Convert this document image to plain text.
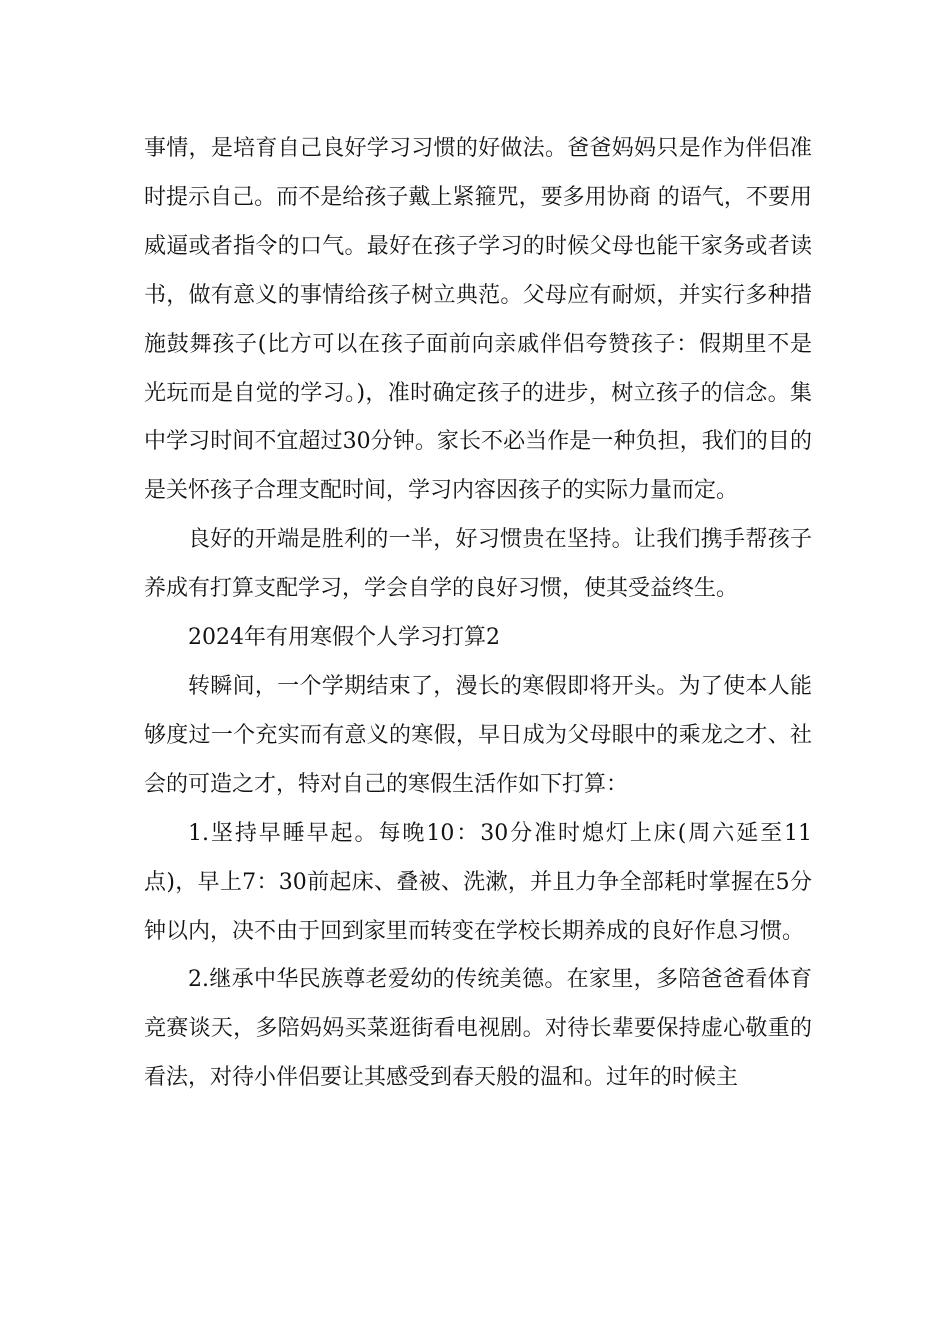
事情，是培育自己良好学习习惯的好做法。爸爸妈妈只是作为伴侣准时提示自己。而不是给孩子戴上紧箍咒，要多用协商 的语气，不要用威逼或者指令的口气。最好在孩子学习的时候父母也能干家务或者读书，做有意义的事情给孩子树立典范。父母应有耐烦，并实行多种措施鼓舞孩子(比方可以在孩子面前向亲戚伴侣夸赞孩子：假期里不是光玩而是自觉的学习。)，准时确定孩子的进步，树立孩子的信念。集中学习时间不宜超过30分钟。家长不必当作是一种负担，我们的目的是关怀孩子合理支配时间，学习内容因孩子的实际力量而定。

良好的开端是胜利的一半，好习惯贵在坚持。让我们携手帮孩子养成有打算支配学习，学会自学的良好习惯，使其受益终生。

2024年有用寒假个人学习打算2

转瞬间，一个学期结束了，漫长的寒假即将开头。为了使本人能够度过一个充实而有意义的寒假，早日成为父母眼中的乘龙之才、社会的可造之才，特对自己的寒假生活作如下打算：

1.坚持早睡早起。每晚10：30分准时熄灯上床(周六延至11点)，早上7：30前起床、叠被、洗漱，并且力争全部耗时掌握在5分钟以内，决不由于回到家里而转变在学校长期养成的良好作息习惯。

2.继承中华民族尊老爱幼的传统美德。在家里，多陪爸爸看体育竞赛谈天，多陪妈妈买菜逛街看电视剧。对待长辈要保持虚心敬重的看法，对待小伴侣要让其感受到春天般的温和。过年的时候主
